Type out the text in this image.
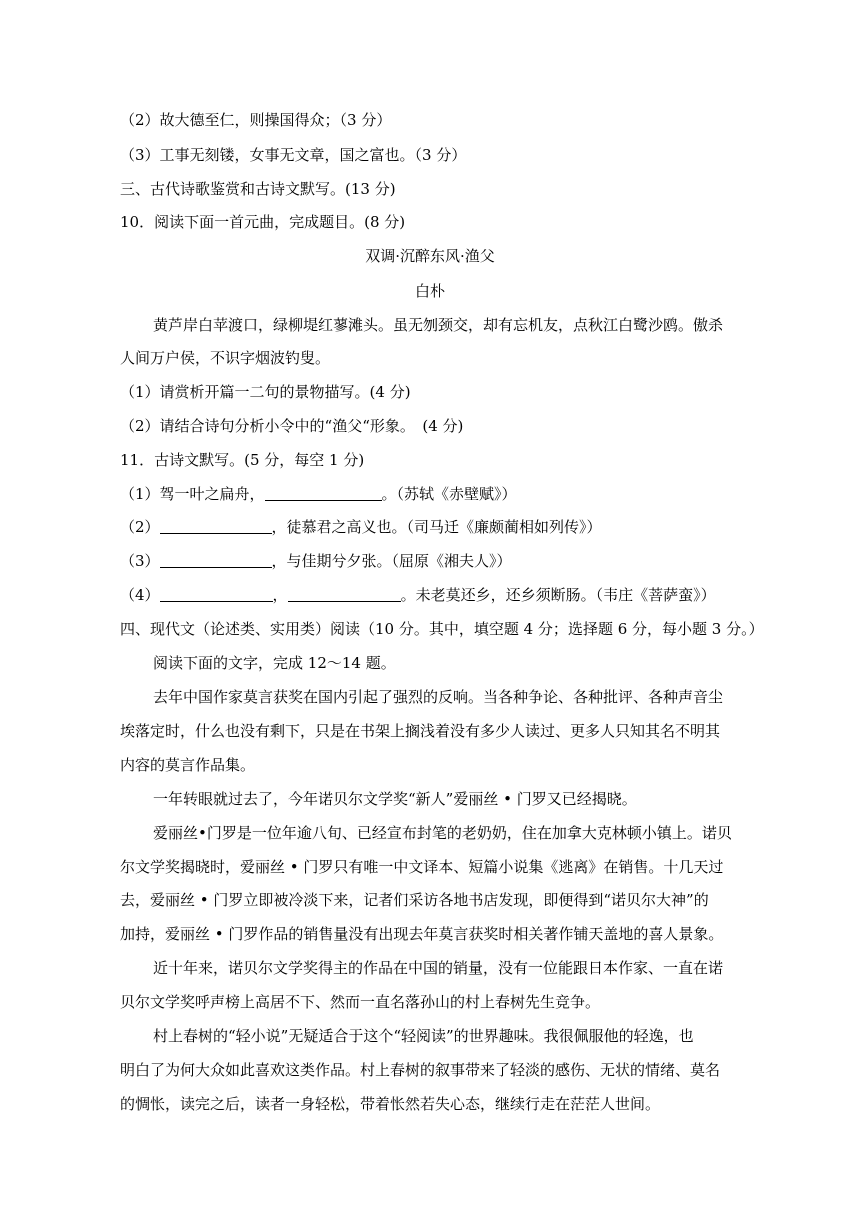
（2）故大德至仁，则操国得众；（3 分）
（3）工事无刻镂，女事无文章，国之富也。（3 分）
三、古代诗歌鉴赏和古诗文默写。(13 分)
10．阅读下面一首元曲，完成题目。(8 分)
双调·沉醉东风·渔父
白朴
黄芦岸白苹渡口，绿柳堤红蓼滩头。虽无刎颈交，却有忘机友，点秋江白鹭沙鸥。傲杀
人间万户侯，不识字烟波钓叟。
（1）请赏析开篇一二句的景物描写。(4 分)
（2）请结合诗句分析小令中的“渔父“形象。　(4 分)
11．古诗文默写。(5 分，每空 1 分)
（1）驾一叶之扁舟，	。（苏轼《赤壁赋》）
（2）	，徒慕君之高义也。（司马迁《廉颇蔺相如列传》）
（3）	，与佳期兮夕张。（屈原《湘夫人》）
（4）	，	。未老莫还乡，还乡须断肠。（韦庄《菩萨蛮》）
四、现代文（论述类、实用类）阅读（10 分。其中，填空题 4 分；选择题 6 分，每小题 3 分。）
阅读下面的文字，完成 12～14 题。
去年中国作家莫言获奖在国内引起了强烈的反响。当各种争论、各种批评、各种声音尘
埃落定时，什么也没有剩下，只是在书架上搁浅着没有多少人读过、更多人只知其名不明其
内容的莫言作品集。
一年转眼就过去了，今年诺贝尔文学奖“新人”爱丽丝 • 门罗又已经揭晓。
爱丽丝•门罗是一位年逾八旬、已经宣布封笔的老奶奶，住在加拿大克林顿小镇上。诺贝
尔文学奖揭晓时，爱丽丝 • 门罗只有唯一中文译本、短篇小说集《逃离》在销售。十几天过
去，爱丽丝 • 门罗立即被冷淡下来，记者们采访各地书店发现，即便得到“诺贝尔大神”的
加持，爱丽丝 • 门罗作品的销售量没有出现去年莫言获奖时相关著作铺天盖地的喜人景象。
近十年来，诺贝尔文学奖得主的作品在中国的销量，没有一位能跟日本作家、一直在诺
贝尔文学奖呼声榜上高居不下、然而一直名落孙山的村上春树先生竞争。
村上春树的“轻小说”无疑适合于这个“轻阅读”的世界趣味。我很佩服他的轻逸，也
明白了为何大众如此喜欢这类作品。村上春树的叙事带来了轻淡的感伤、无状的情绪、莫名
的惆怅，读完之后，读者一身轻松，带着怅然若失心态，继续行走在茫茫人世间。
